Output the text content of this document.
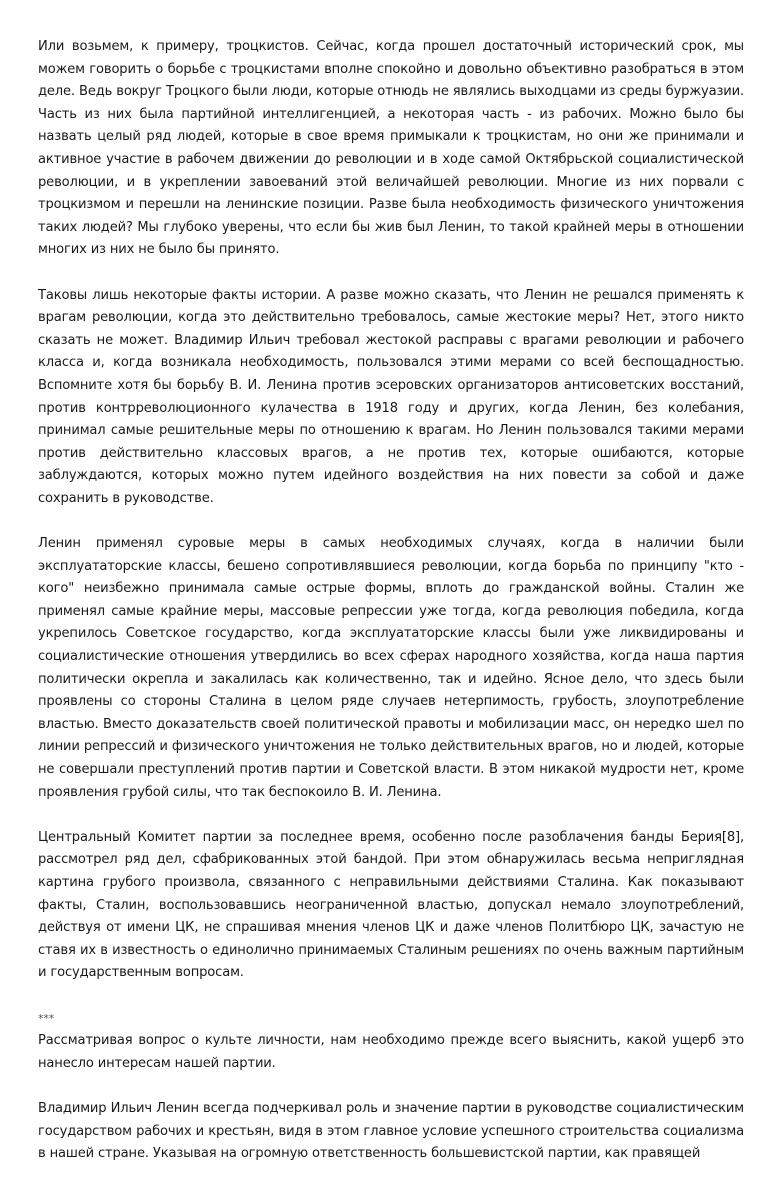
Или возьмем, к примеру, троцкистов. Сейчас, когда прошел достаточный исторический срок, мы можем говорить о борьбе с троцкистами вполне спокойно и довольно объективно разобраться в этом деле. Ведь вокруг Троцкого были люди, которые отнюдь не являлись выходцами из среды буржуазии. Часть из них была партийной интеллигенцией, а некоторая часть - из рабочих. Можно было бы назвать целый ряд людей, которые в свое время примыкали к троцкистам, но они же принимали и активное участие в рабочем движении до революции и в ходе самой Октябрьской социалистической революции, и в укреплении завоеваний этой величайшей революции. Многие из них порвали с троцкизмом и перешли на ленинские позиции. Разве была необходимость физического уничтожения таких людей? Мы глубоко уверены, что если бы жив был Ленин, то такой крайней меры в отношении многих из них не было бы принято.

Таковы лишь некоторые факты истории. А разве можно сказать, что Ленин не решался применять к врагам революции, когда это действительно требовалось, самые жестокие меры? Нет, этого никто сказать не может. Владимир Ильич требовал жестокой расправы с врагами революции и рабочего класса и, когда возникала необходимость, пользовался этими мерами со всей беспощадностью. Вспомните хотя бы борьбу В. И. Ленина против эсеровских организаторов антисоветских восстаний, против контрреволюционного кулачества в 1918 году и других, когда Ленин, без колебания, принимал самые решительные меры по отношению к врагам. Но Ленин пользовался такими мерами против действительно классовых врагов, а не против тех, которые ошибаются, которые заблуждаются, которых можно путем идейного воздействия на них повести за собой и даже сохранить в руководстве.

Ленин применял суровые меры в самых необходимых случаях, когда в наличии были эксплуататорские классы, бешено сопротивлявшиеся революции, когда борьба по принципу "кто - кого" неизбежно принимала самые острые формы, вплоть до гражданской войны. Сталин же применял самые крайние меры, массовые репрессии уже тогда, когда революция победила, когда укрепилось Советское государство, когда эксплуататорские классы были уже ликвидированы и социалистические отношения утвердились во всех сферах народного хозяйства, когда наша партия политически окрепла и закалилась как количественно, так и идейно. Ясное дело, что здесь были проявлены со стороны Сталина в целом ряде случаев нетерпимость, грубость, злоупотребление властью. Вместо доказательств своей политической правоты и мобилизации масс, он нередко шел по линии репрессий и физического уничтожения не только действительных врагов, но и людей, которые не совершали преступлений против партии и Советской власти. В этом никакой мудрости нет, кроме проявления грубой силы, что так беспокоило В. И. Ленина.

Центральный Комитет партии за последнее время, особенно после разоблачения банды Берия[8], рассмотрел ряд дел, сфабрикованных этой бандой. При этом обнаружилась весьма неприглядная картина грубого произвола, связанного с неправильными действиями Сталина. Как показывают факты, Сталин, воспользовавшись неограниченной властью, допускал немало злоупотреблений, действуя от имени ЦК, не спрашивая мнения членов ЦК и даже членов Политбюро ЦК, зачастую не ставя их в известность о единолично принимаемых Сталиным решениях по очень важным партийным и государственным вопросам.

***

Рассматривая вопрос о культе личности, нам необходимо прежде всего выяснить, какой ущерб это нанесло интересам нашей партии.

Владимир Ильич Ленин всегда подчеркивал роль и значение партии в руководстве социалистическим государством рабочих и крестьян, видя в этом главное условие успешного строительства социализма в нашей стране. Указывая на огромную ответственность большевистской партии, как правящей
